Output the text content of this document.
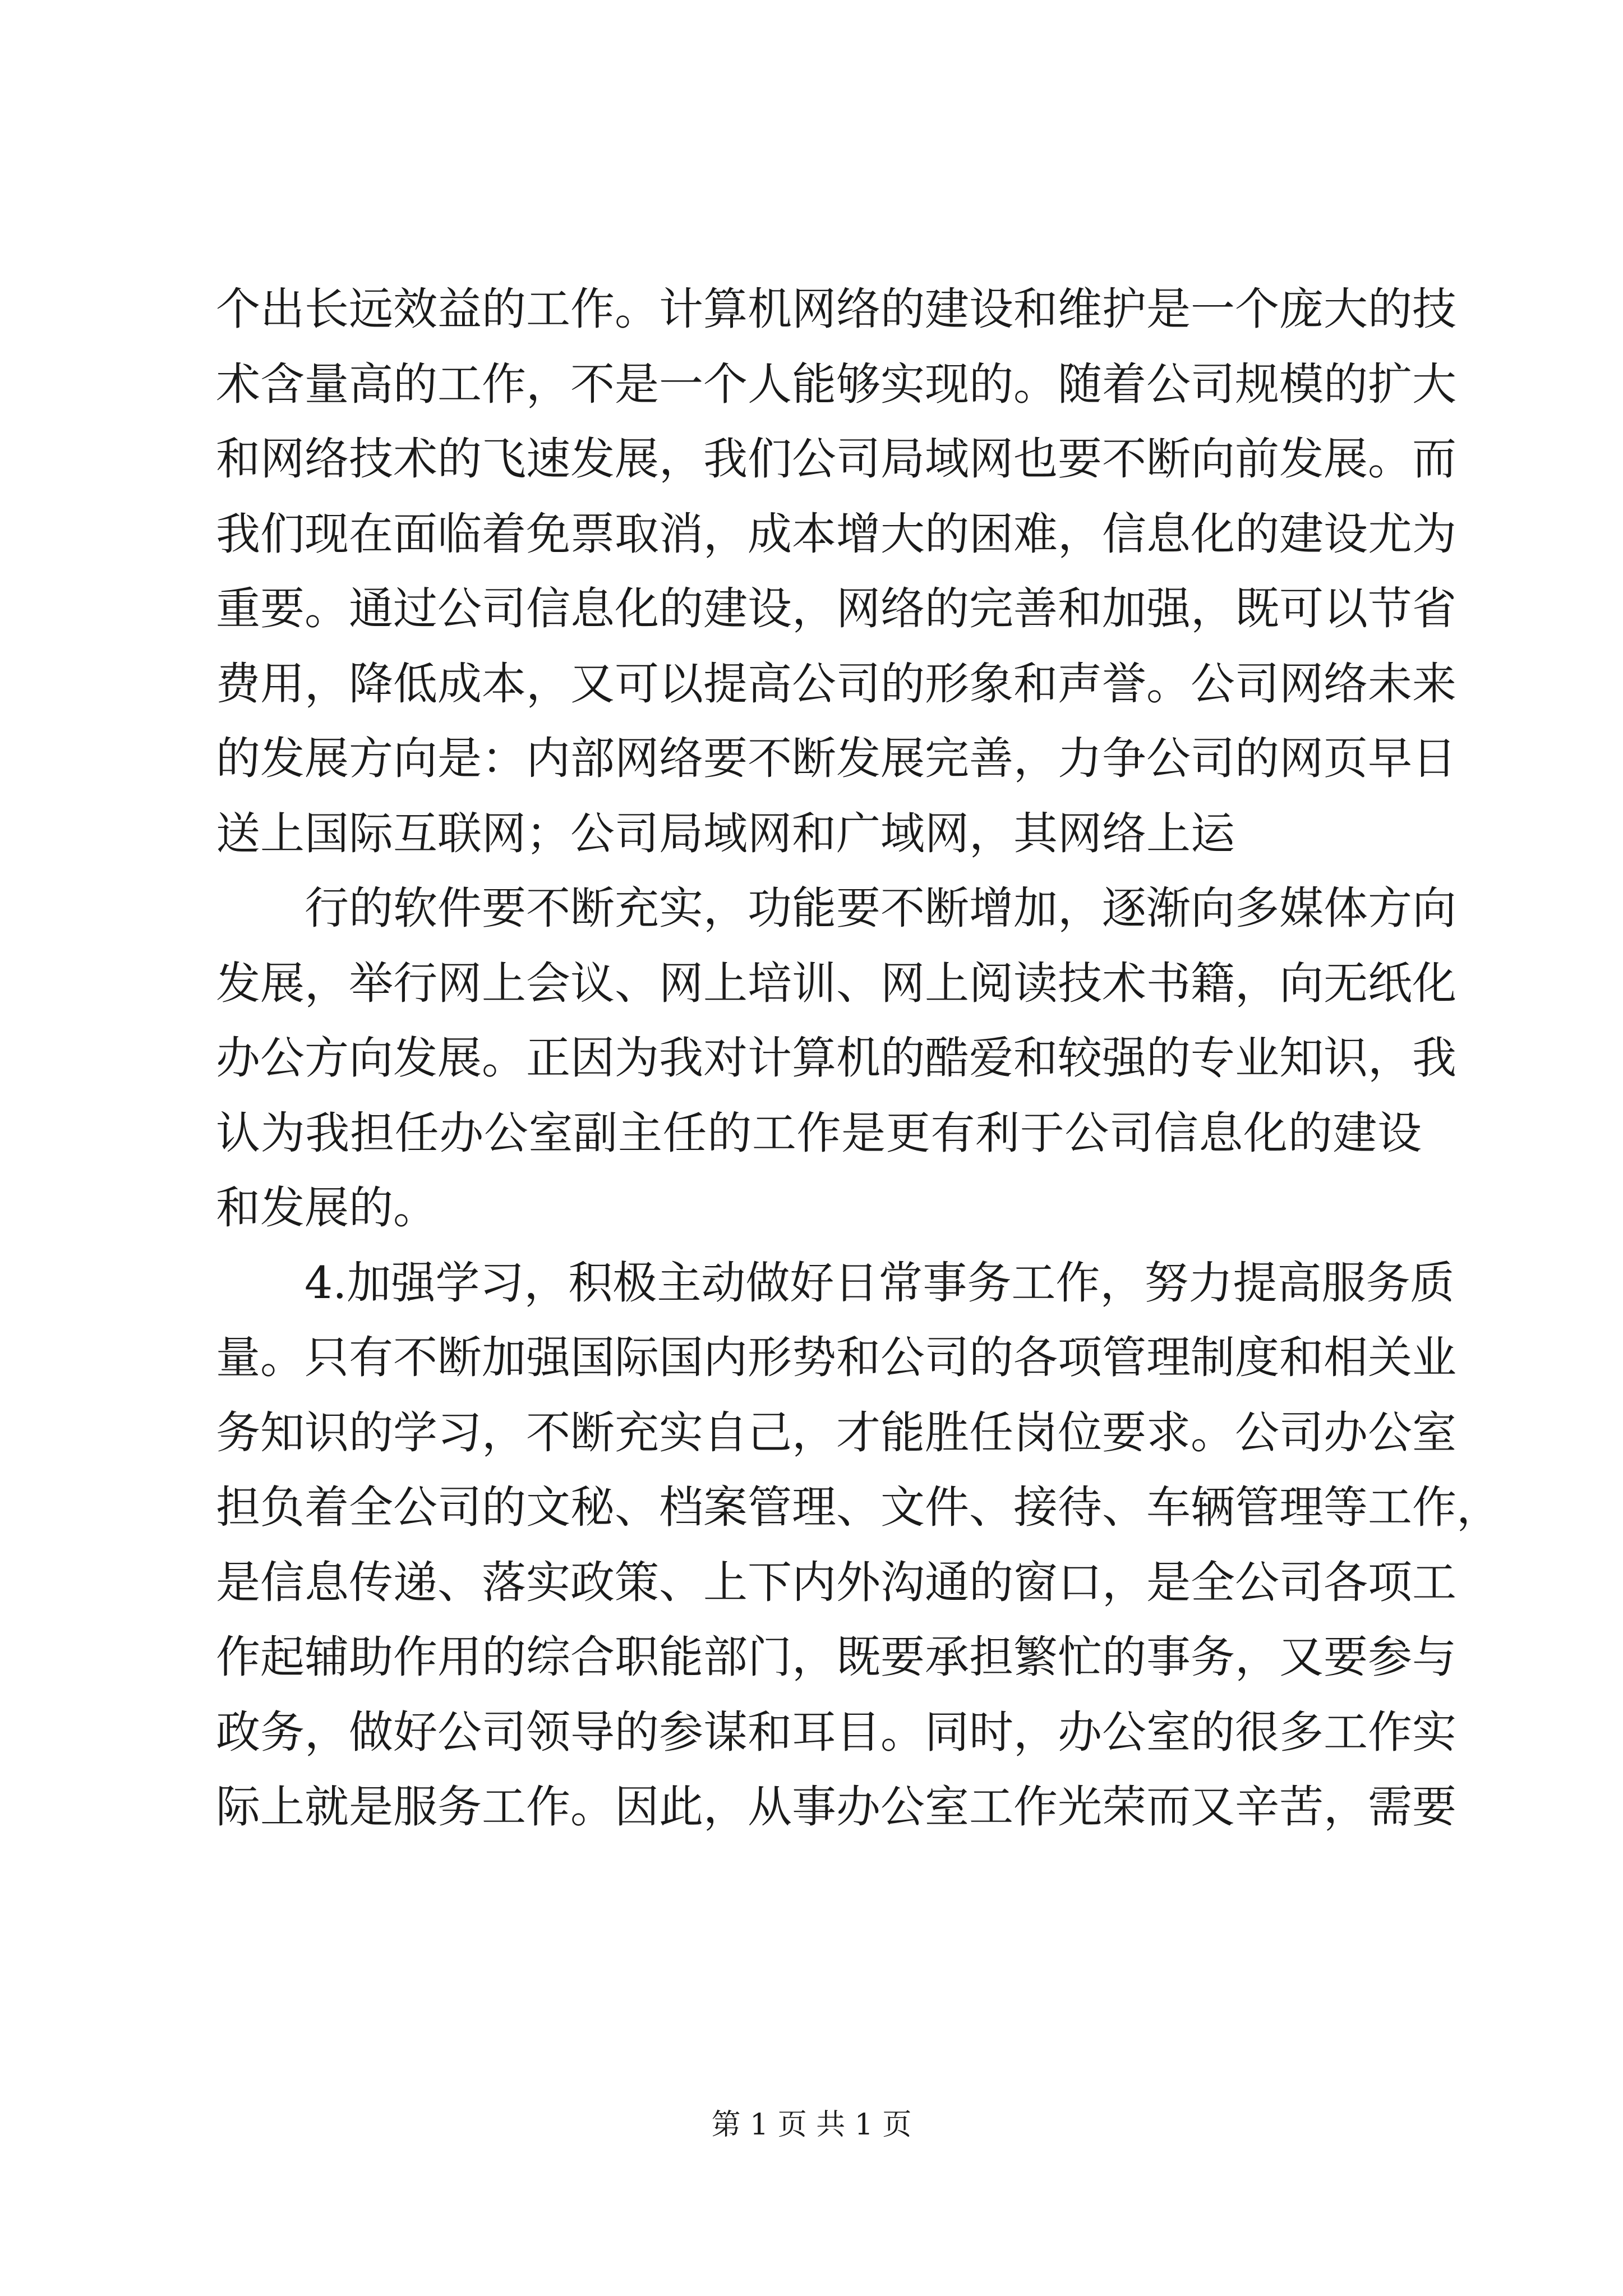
个出长远效益的工作。计算机网络的建设和维护是一个庞大的技
术含量高的工作，不是一个人能够实现的。随着公司规模的扩大
和网络技术的飞速发展，我们公司局域网也要不断向前发展。而
我们现在面临着免票取消，成本增大的困难，信息化的建设尤为
重要。通过公司信息化的建设，网络的完善和加强，既可以节省
费用，降低成本，又可以提高公司的形象和声誉。公司网络未来
的发展方向是：内部网络要不断发展完善，力争公司的网页早日
送上国际互联网；公司局域网和广域网，其网络上运
行的软件要不断充实，功能要不断增加，逐渐向多媒体方向
发展，举行网上会议、网上培训、网上阅读技术书籍，向无纸化
办公方向发展。正因为我对计算机的酷爱和较强的专业知识，我
认为我担任办公室副主任的工作是更有利于公司信息化的建设
和发展的。
4.加强学习，积极主动做好日常事务工作，努力提高服务质
量。只有不断加强国际国内形势和公司的各项管理制度和相关业
务知识的学习，不断充实自己，才能胜任岗位要求。公司办公室
担负着全公司的文秘、档案管理、文件、接待、车辆管理等工作，
是信息传递、落实政策、上下内外沟通的窗口，是全公司各项工
作起辅助作用的综合职能部门，既要承担繁忙的事务，又要参与
政务，做好公司领导的参谋和耳目。同时，办公室的很多工作实
际上就是服务工作。因此，从事办公室工作光荣而又辛苦，需要
第 1 页 共 1 页
